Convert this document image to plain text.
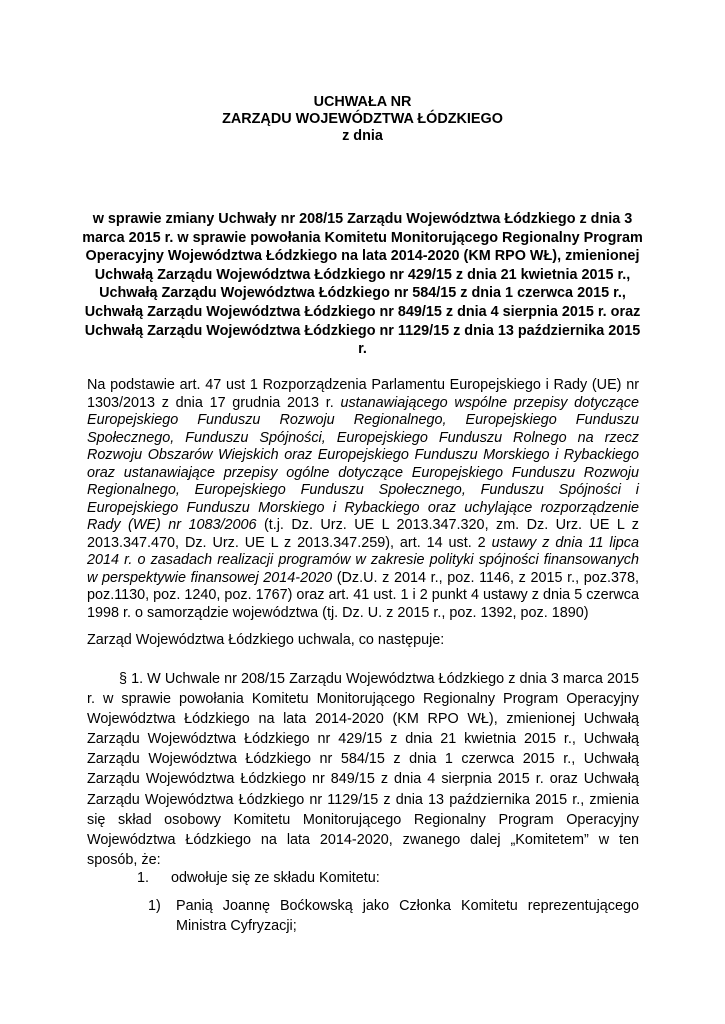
UCHWAŁA NR
ZARZĄDU WOJEWÓDZTWA ŁÓDZKIEGO
z dnia
w sprawie zmiany Uchwały nr 208/15 Zarządu Województwa Łódzkiego z dnia 3 marca 2015 r. w sprawie powołania Komitetu Monitorującego Regionalny Program Operacyjny Województwa Łódzkiego na lata 2014-2020 (KM RPO WŁ), zmienionej Uchwałą Zarządu Województwa Łódzkiego nr 429/15 z dnia 21 kwietnia 2015 r., Uchwałą Zarządu Województwa Łódzkiego nr 584/15 z dnia 1 czerwca 2015 r., Uchwałą Zarządu Województwa Łódzkiego nr 849/15 z dnia 4 sierpnia 2015 r. oraz Uchwałą Zarządu Województwa Łódzkiego nr 1129/15 z dnia 13 października 2015 r.
Na podstawie art. 47 ust 1 Rozporządzenia Parlamentu Europejskiego i Rady (UE) nr 1303/2013 z dnia 17 grudnia 2013 r. ustanawiającego wspólne przepisy dotyczące Europejskiego Funduszu Rozwoju Regionalnego, Europejskiego Funduszu Społecznego, Funduszu Spójności, Europejskiego Funduszu Rolnego na rzecz Rozwoju Obszarów Wiejskich oraz Europejskiego Funduszu Morskiego i Rybackiego oraz ustanawiające przepisy ogólne dotyczące Europejskiego Funduszu Rozwoju Regionalnego, Europejskiego Funduszu Społecznego, Funduszu Spójności i Europejskiego Funduszu Morskiego i Rybackiego oraz uchylające rozporządzenie Rady (WE) nr 1083/2006 (t.j. Dz. Urz. UE L 2013.347.320, zm. Dz. Urz. UE L z 2013.347.470, Dz. Urz. UE L z 2013.347.259), art. 14 ust. 2 ustawy z dnia 11 lipca 2014 r. o zasadach realizacji programów w zakresie polityki spójności finansowanych w perspektywie finansowej 2014-2020 (Dz.U. z 2014 r., poz. 1146, z 2015 r., poz.378, poz.1130, poz. 1240, poz. 1767) oraz art. 41 ust. 1 i 2 punkt 4 ustawy z dnia 5 czerwca 1998 r. o samorządzie województwa (tj. Dz. U. z 2015 r., poz. 1392, poz. 1890)
Zarząd Województwa Łódzkiego uchwala, co następuje:
§ 1. W Uchwale nr 208/15 Zarządu Województwa Łódzkiego z dnia 3 marca 2015 r. w sprawie powołania Komitetu Monitorującego Regionalny Program Operacyjny Województwa Łódzkiego na lata 2014-2020 (KM RPO WŁ), zmienionej Uchwałą Zarządu Województwa Łódzkiego nr 429/15 z dnia 21 kwietnia 2015 r., Uchwałą Zarządu Województwa Łódzkiego nr 584/15 z dnia 1 czerwca 2015 r., Uchwałą Zarządu Województwa Łódzkiego nr 849/15 z dnia 4 sierpnia 2015 r. oraz Uchwałą Zarządu Województwa Łódzkiego nr 1129/15 z dnia 13 października 2015 r., zmienia się skład osobowy Komitetu Monitorującego Regionalny Program Operacyjny Województwa Łódzkiego na lata 2014-2020, zwanego dalej „Komitetem” w ten sposób, że:
1. odwołuje się ze składu Komitetu:
1) Panią Joannę Boćkowską jako Członka Komitetu reprezentującego Ministra Cyfryzacji;
